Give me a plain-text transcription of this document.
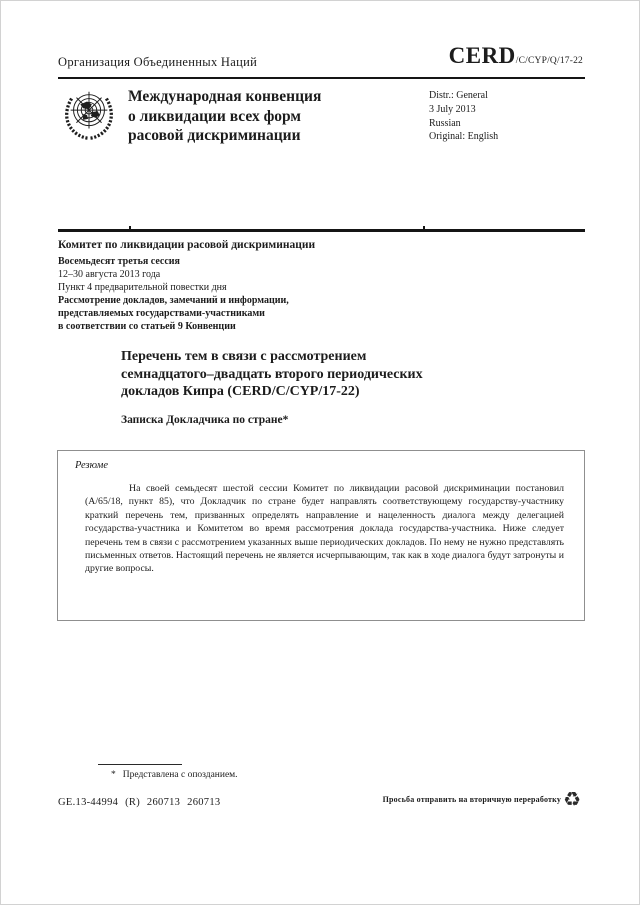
Организация Объединенных Наций	CERD /C/CYP/Q/17-22
Международная конвенция
о ликвидации всех форм
расовой дискриминации
Distr.: General
3 July 2013
Russian
Original: English
Комитет по ликвидации расовой дискриминации
Восемьдесят третья сессия
12–30 августа 2013 года
Пункт 4 предварительной повестки дня
Рассмотрение докладов, замечаний и информации,
представляемых государствами-участниками
в соответствии со статьей 9 Конвенции
Перечень тем в связи с рассмотрением
семнадцатого–двадцать второго периодических
докладов Кипра (CERD/C/CYP/17-22)
Записка Докладчика по стране*
Резюме
На своей семьдесят шестой сессии Комитет по ликвидации расовой дискриминации постановил (A/65/18, пункт 85), что Докладчик по стране будет направлять соответствующему государству-участнику краткий перечень тем, призванных определять направление и нацеленность диалога между делегацией государства-участника и Комитетом во время рассмотрения доклада государства-участника. Ниже следует перечень тем в связи с рассмотрением указанных выше периодических докладов. По нему не нужно представлять письменных ответов. Настоящий перечень не является исчерпывающим, так как в ходе диалога будут затронуты и другие вопросы.
* Представлена с опозданием.
GE.13-44994 (R) 260713 260713	Просьба отправить на вторичную переработку ♻
